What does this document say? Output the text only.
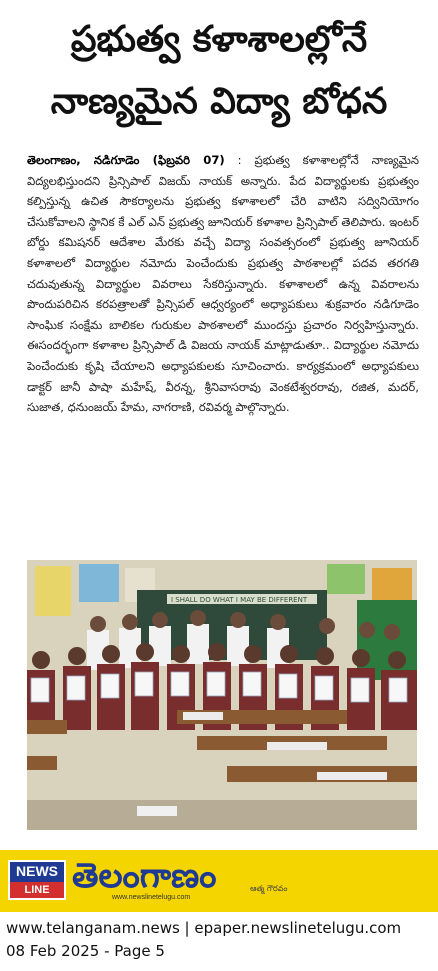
ప్రభుత్వ కళాశాలల్లోనే
నాణ్యమైన విద్యా బోధన
తెలంగాణం, నడిగూడెం (ఫిబ్రవరి 07) : ప్రభుత్వ కళాశాలల్లోనే నాణ్యమైన విద్యలభిస్తుందని ప్రిన్సిపాల్ విజయ్ నాయక్ అన్నారు. పేద విద్యార్థులకు ప్రభుత్వం కల్పిస్తున్న ఉచిత సౌకర్యాలను ప్రభుత్వ కళాశాలలో చేరి వాటిని సద్వినియోగం చేసుకోవాలని స్థానిక కే ఎల్ ఎన్ ప్రభుత్వ జూనియర్ కళాశాల ప్రిన్సిపాల్ తెలిపారు. ఇంటర్ బోర్డు కమిషనర్ ఆదేశాల మేరకు వచ్చే విద్యా సంవత్సరంలో ప్రభుత్వ జూనియర్ కళాశాలలో విద్యార్థుల నమోదు పెంచేందుకు ప్రభుత్వ పాఠశాలల్లో పదవ తరగతి చదువుతున్న విద్యార్థుల వివరాలు సేకరిస్తున్నారు. కళాశాలలో ఉన్న వివరాలను పొందుపరిచిన కరపత్రాలతో ప్రిన్సిపల్ ఆధ్వర్యంలో అధ్యాపకులు శుక్రవారం నడిగూడెం సాంఘిక సంక్షేమ బాలికల గురుకుల పాఠశాలలో ముందస్తు ప్రచారం నిర్వహిస్తున్నారు. ఈసందర్భంగా కళాశాల ప్రిన్సిపాల్ డి విజయ నాయక్ మాట్లాడుతూ.. విద్యార్థుల నమోదు పెంచేందుకు కృషి చేయాలని అధ్యాపకులకు సూచించారు. కార్యక్రమంలో అధ్యాపకులు డాక్టర్ జానీ పాషా మహేష్, వీరన్న, శ్రీనివాసరావు వెంకటేశ్వరరావు, రజిత, మదర్, సుజాత, ధనుంజయ్ హేమ, నాగరాణి, రవివర్మ పాల్గొన్నారు.
I SHALL DO WHAT I MAY BE DIFFERENT
NEWS
LINE తెలంగాణం
www.newslinetelugu.com
ఆత్మ గౌరవం
www.telanganam.news | epaper.newslinetelugu.com
08 Feb 2025 - Page 5
